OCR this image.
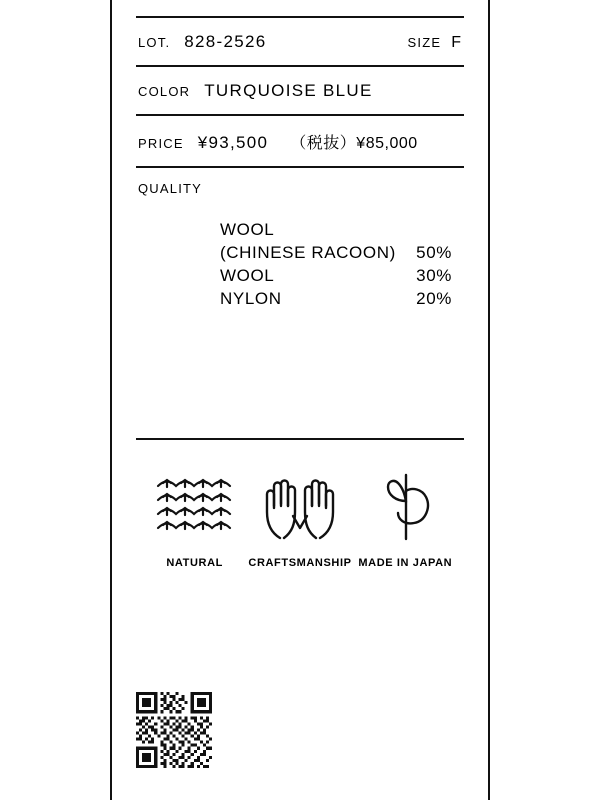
LOT. 828-2526	SIZE F
COLOR TURQUOISE BLUE
PRICE ¥93,500 （税抜）¥85,000
QUALITY
WOOL
(CHINESE RACOON) 50%
WOOL	30%
NYLON	20%
NATURAL CRAFTSMANSHIP MADE IN JAPAN
